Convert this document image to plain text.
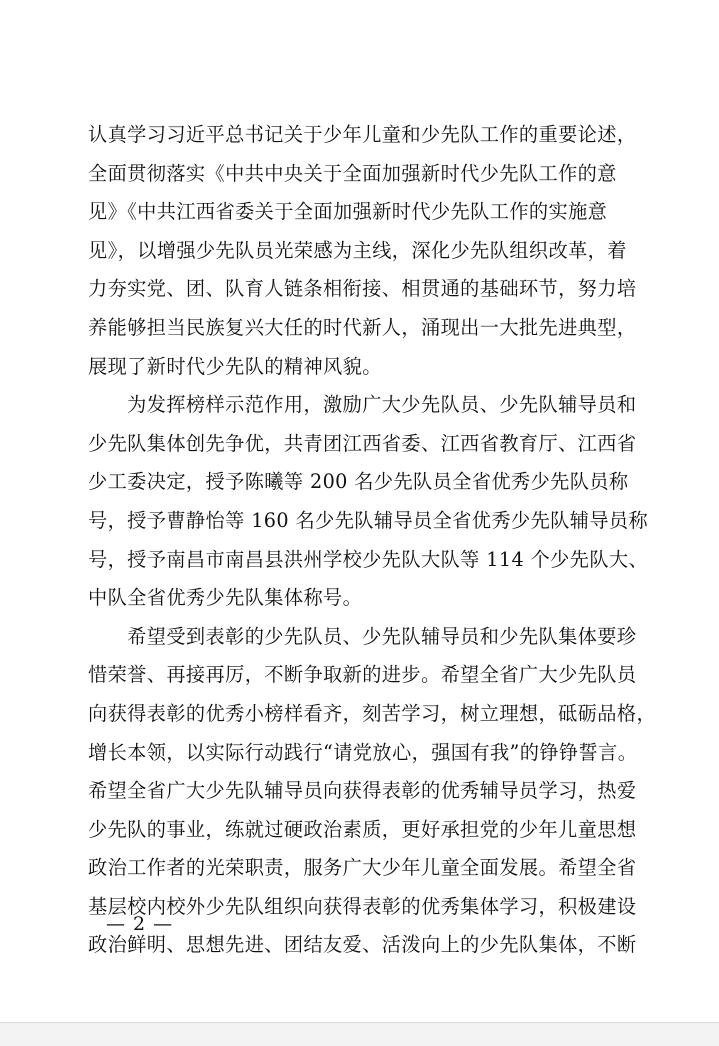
认真学习习近平总书记关于少年儿童和少先队工作的重要论述，
全面贯彻落实《中共中央关于全面加强新时代少先队工作的意
见》《中共江西省委关于全面加强新时代少先队工作的实施意
见》，以增强少先队员光荣感为主线，深化少先队组织改革，着
力夯实党、团、队育人链条相衔接、相贯通的基础环节，努力培
养能够担当民族复兴大任的时代新人，涌现出一大批先进典型，
展现了新时代少先队的精神风貌。
　　为发挥榜样示范作用，激励广大少先队员、少先队辅导员和
少先队集体创先争优，共青团江西省委、江西省教育厅、江西省
少工委决定，授予陈曦等 200 名少先队员全省优秀少先队员称
号，授予曹静怡等 160 名少先队辅导员全省优秀少先队辅导员称
号，授予南昌市南昌县洪州学校少先队大队等 114 个少先队大、
中队全省优秀少先队集体称号。
　　希望受到表彰的少先队员、少先队辅导员和少先队集体要珍
惜荣誉、再接再厉，不断争取新的进步。希望全省广大少先队员
向获得表彰的优秀小榜样看齐，刻苦学习，树立理想，砥砺品格，
增长本领，以实际行动践行“请党放心，强国有我”的铮铮誓言。
希望全省广大少先队辅导员向获得表彰的优秀辅导员学习，热爱
少先队的事业，练就过硬政治素质，更好承担党的少年儿童思想
政治工作者的光荣职责，服务广大少年儿童全面发展。希望全省
基层校内校外少先队组织向获得表彰的优秀集体学习，积极建设
政治鲜明、思想先进、团结友爱、活泼向上的少先队集体，不断
— 2 —
